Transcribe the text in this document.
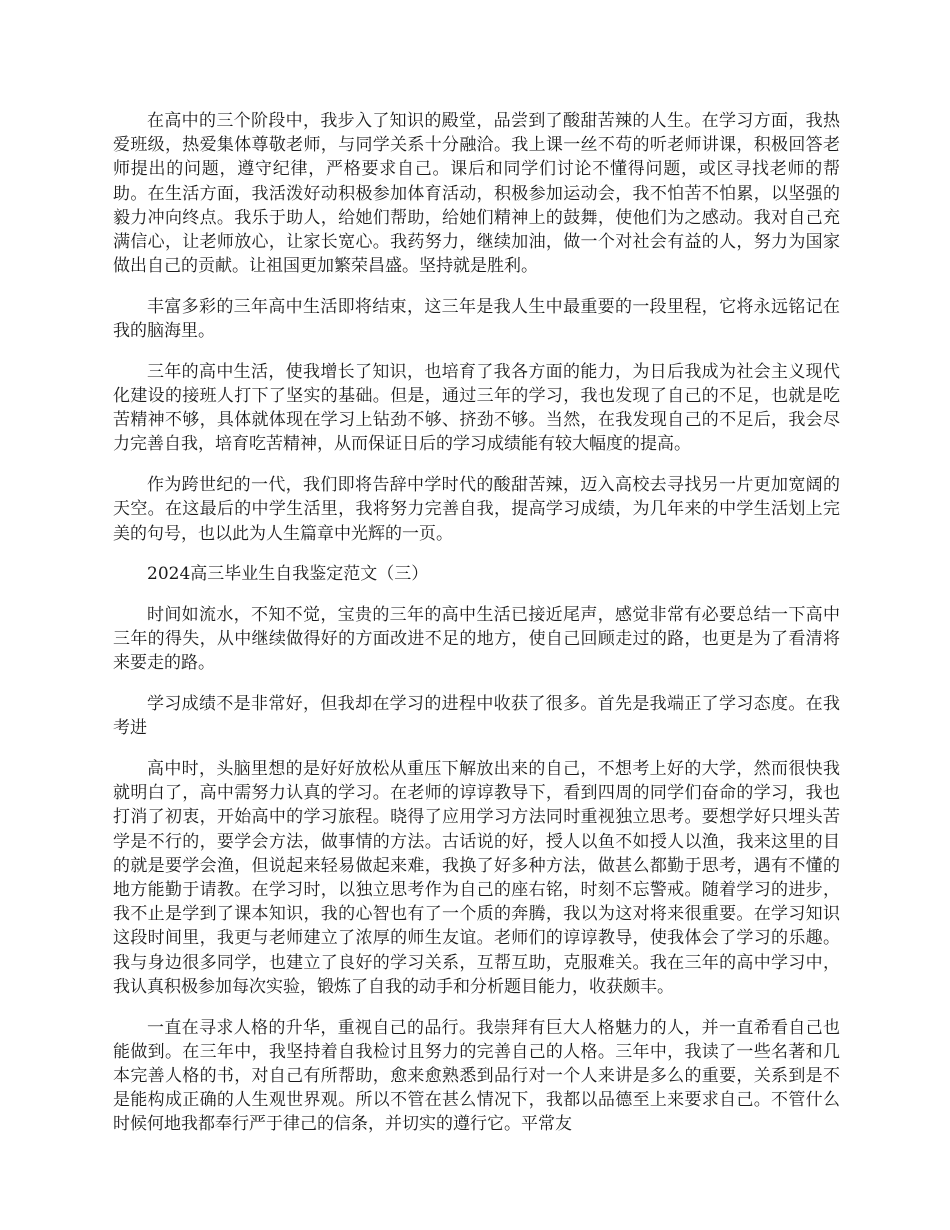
在高中的三个阶段中，我步入了知识的殿堂，品尝到了酸甜苦辣的人生。在学习方面，我热爱班级，热爱集体尊敬老师，与同学关系十分融洽。我上课一丝不苟的听老师讲课，积极回答老师提出的问题，遵守纪律，严格要求自己。课后和同学们讨论不懂得问题，或区寻找老师的帮助。在生活方面，我活泼好动积极参加体育活动，积极参加运动会，我不怕苦不怕累，以坚强的毅力冲向终点。我乐于助人，给她们帮助，给她们精神上的鼓舞，使他们为之感动。我对自己充满信心，让老师放心，让家长宽心。我药努力，继续加油，做一个对社会有益的人，努力为国家做出自己的贡献。让祖国更加繁荣昌盛。坚持就是胜利。

丰富多彩的三年高中生活即将结束，这三年是我人生中最重要的一段里程，它将永远铭记在我的脑海里。

三年的高中生活，使我增长了知识，也培育了我各方面的能力，为日后我成为社会主义现代化建设的接班人打下了坚实的基础。但是，通过三年的学习，我也发现了自己的不足，也就是吃苦精神不够，具体就体现在学习上钻劲不够、挤劲不够。当然，在我发现自己的不足后，我会尽力完善自我，培育吃苦精神，从而保证日后的学习成绩能有较大幅度的提高。

作为跨世纪的一代，我们即将告辞中学时代的酸甜苦辣，迈入高校去寻找另一片更加宽阔的天空。在这最后的中学生活里，我将努力完善自我，提高学习成绩，为几年来的中学生活划上完美的句号，也以此为人生篇章中光辉的一页。

2024高三毕业生自我鉴定范文（三）

时间如流水，不知不觉，宝贵的三年的高中生活已接近尾声，感觉非常有必要总结一下高中三年的得失，从中继续做得好的方面改进不足的地方，使自己回顾走过的路，也更是为了看清将来要走的路。

学习成绩不是非常好，但我却在学习的进程中收获了很多。首先是我端正了学习态度。在我考进

高中时，头脑里想的是好好放松从重压下解放出来的自己，不想考上好的大学，然而很快我就明白了，高中需努力认真的学习。在老师的谆谆教导下，看到四周的同学们奋命的学习，我也打消了初衷，开始高中的学习旅程。晓得了应用学习方法同时重视独立思考。要想学好只埋头苦学是不行的，要学会方法，做事情的方法。古话说的好，授人以鱼不如授人以渔，我来这里的目的就是要学会渔，但说起来轻易做起来难，我换了好多种方法，做甚么都勤于思考，遇有不懂的地方能勤于请教。在学习时，以独立思考作为自己的座右铭，时刻不忘警戒。随着学习的进步，我不止是学到了课本知识，我的心智也有了一个质的奔腾，我以为这对将来很重要。在学习知识这段时间里，我更与老师建立了浓厚的师生友谊。老师们的谆谆教导，使我体会了学习的乐趣。我与身边很多同学，也建立了良好的学习关系，互帮互助，克服难关。我在三年的高中学习中，我认真积极参加每次实验，锻炼了自我的动手和分析题目能力，收获颇丰。

一直在寻求人格的升华，重视自己的品行。我崇拜有巨大人格魅力的人，并一直希看自己也能做到。在三年中，我坚持着自我检讨且努力的完善自己的人格。三年中，我读了一些名著和几本完善人格的书，对自己有所帮助，愈来愈熟悉到品行对一个人来讲是多么的重要，关系到是不是能构成正确的人生观世界观。所以不管在甚么情况下，我都以品德至上来要求自己。不管什么时候何地我都奉行严于律己的信条，并切实的遵行它。平常友
